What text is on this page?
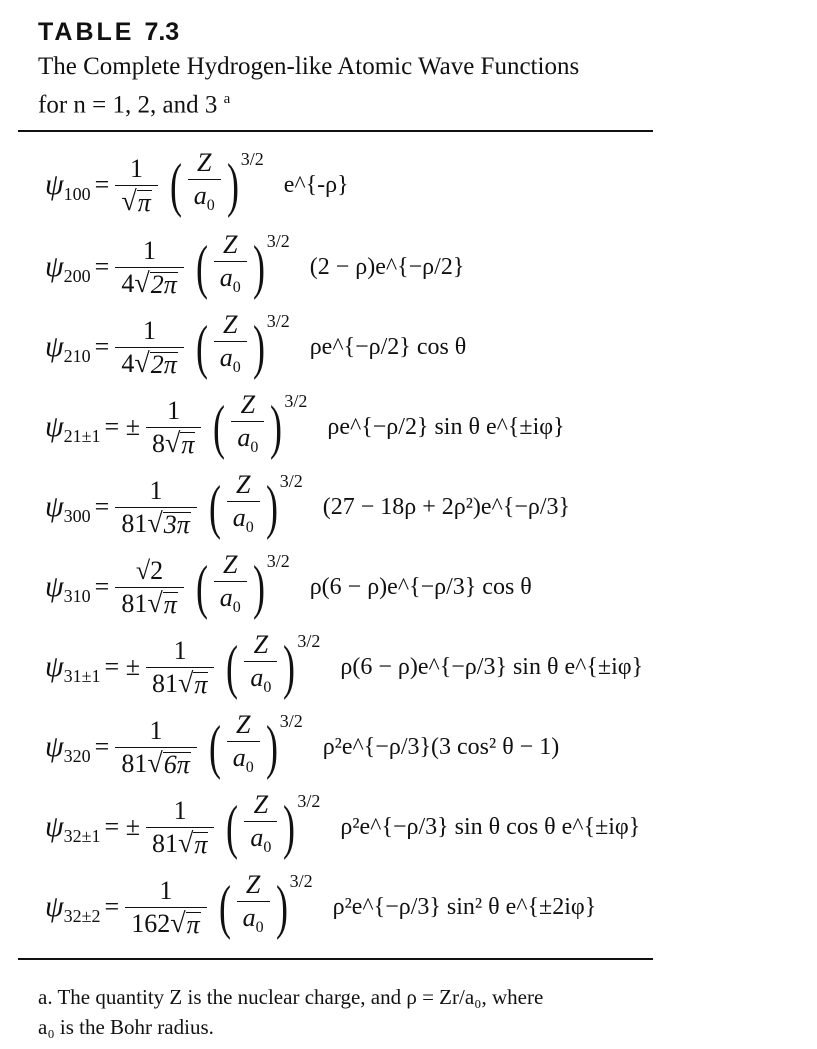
TABLE 7.3
The Complete Hydrogen-like Atomic Wave Functions
for n = 1, 2, and 3 $^a$
ψ $100 = \frac{1}{√ \pi}$ ( $\frac{Z}{a_0}$ ) 3/2
e^{-ρ}
ψ $200 = \frac{1}{4 √ 2\pi}$ ( $\frac{Z}{a_0}$ ) 3/2
(2 − ρ)e^{−ρ/2}
ψ $210 = \frac{1}{4 √ 2\pi}$ ( $\frac{Z}{a_0}$ ) 3/2
ρe^{−ρ/2} cos θ
ψ 21±1 = ± $\frac{1}{8 √ \pi}$ ( $\frac{Z}{a_0}$ ) 3/2
ρe^{−ρ/2} sin θ e^{±iφ}
ψ $300 = \frac{1}{81 √ 3\pi}$ ( $\frac{Z}{a_0}$ ) 3/2
(27 − 18ρ + 2ρ²)e^{−ρ/3}
ψ $310 = \frac{√2}{81 √ \pi}$ ( $\frac{Z}{a_0}$ ) 3/2
ρ(6 − ρ)e^{−ρ/3} cos θ
ψ 31±1 = ± $\frac{1}{81 √ \pi}$ ( $\frac{Z}{a_0}$ ) 3/2
ρ(6 − ρ)e^{−ρ/3} sin θ e^{±iφ}
ψ $320 = \frac{1}{81 √ 6\pi}$ ( $\frac{Z}{a_0}$ ) 3/2
ρ²e^{−ρ/3}(3 cos² θ − 1)
ψ 32±1 = ± $\frac{1}{81 √ \pi}$ ( $\frac{Z}{a_0}$ ) 3/2
ρ²e^{−ρ/3} sin θ cos θ e^{±iφ}
ψ $32\pm 2 = \frac{1}{162 √ \pi}$ ( $\frac{Z}{a_0}$ ) 3/2
ρ²e^{−ρ/3} sin² θ e^{±2iφ}
a. The quantity Z is the nuclear charge, and ρ = Zr/a₀, where
a₀ is the Bohr radius.
